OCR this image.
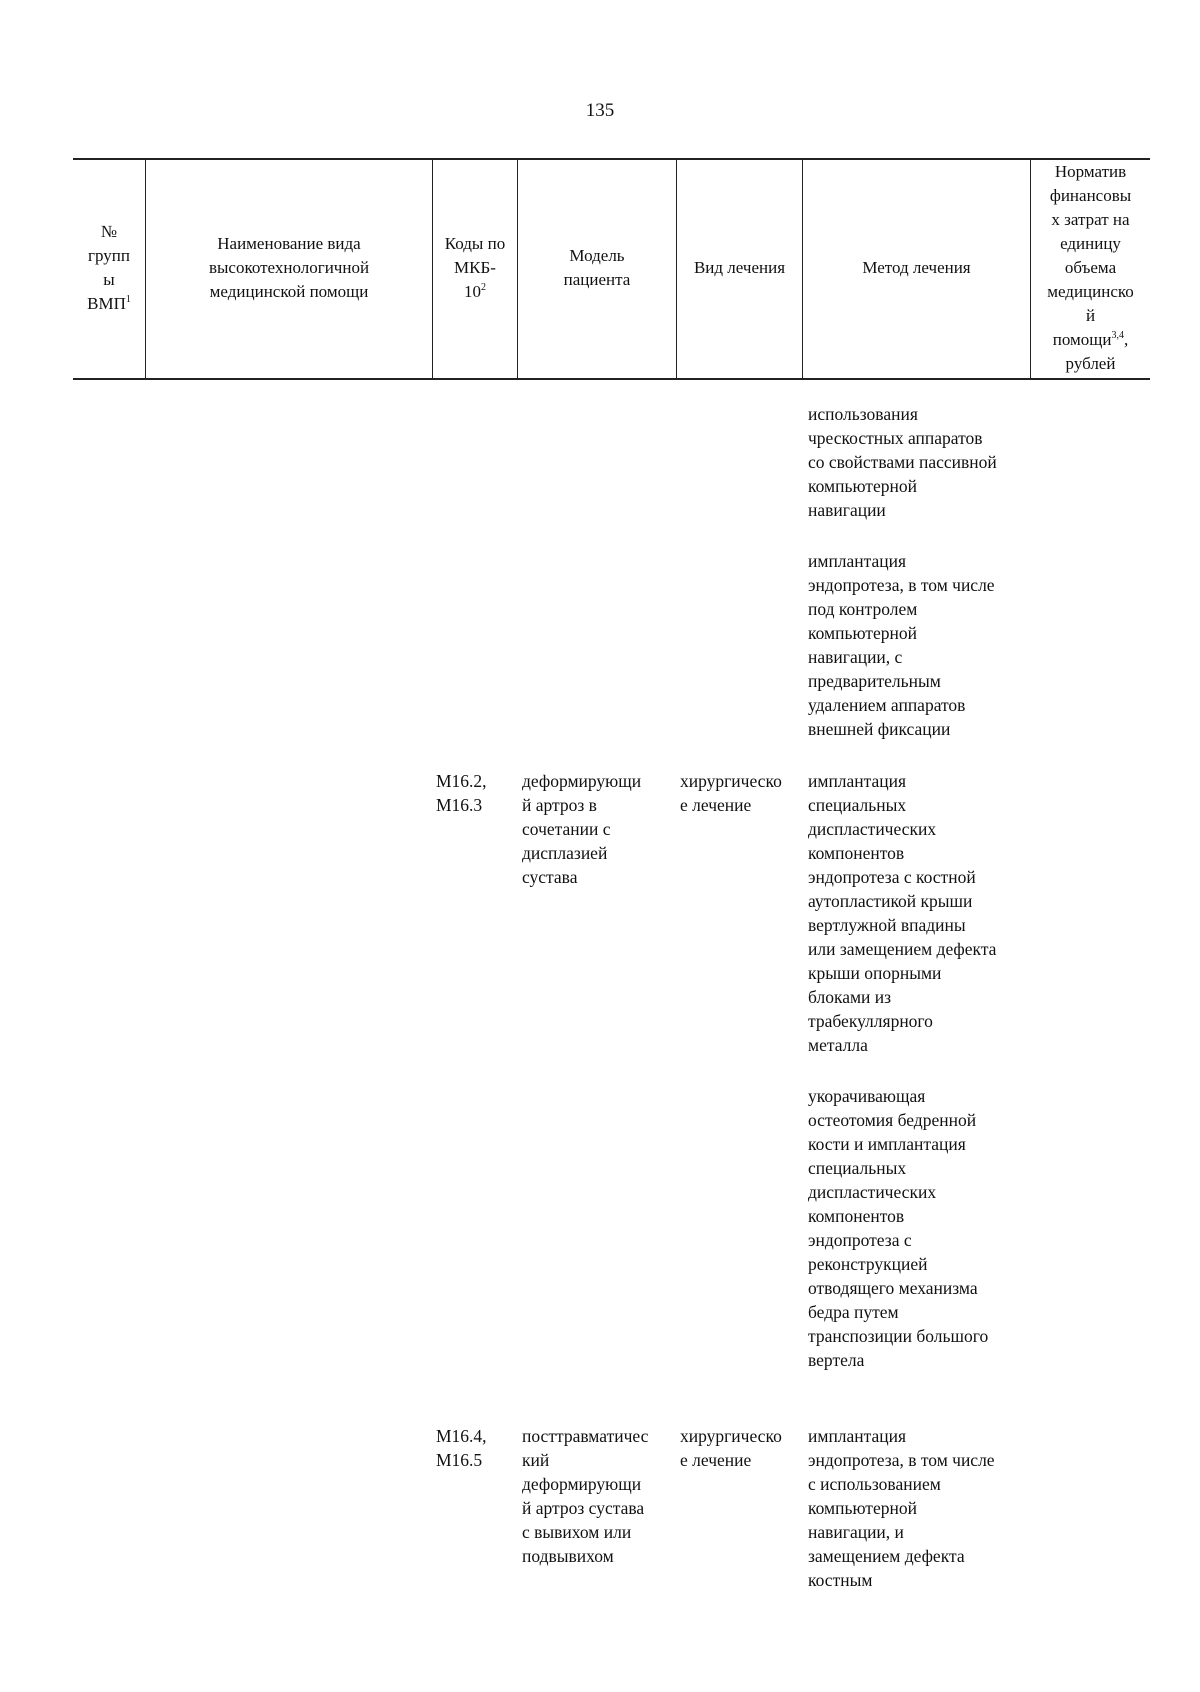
135
№
групп
ы
ВМП$^1$
Наименование вида
высокотехнологичной
медицинской помощи
Коды по
МКБ-
$10^2$
Модель
пациента
Вид лечения	Метод лечения
Норматив
финансовы
х затрат на
единицу
объема
медицинско
й
помощи$^{3,4}$,
рублей
использования
чрескостных аппаратов
со свойствами пассивной
компьютерной
навигации
имплантация
эндопротеза, в том числе
под контролем
компьютерной
навигации, с
предварительным
удалением аппаратов
внешней фиксации
М16.2,
М16.3
деформирующи
й артроз в
сочетании с
дисплазией
сустава
хирургическо
е лечение
имплантация
специальных
диспластических
компонентов
эндопротеза с костной
аутопластикой крыши
вертлужной впадины
или замещением дефекта
крыши опорными
блоками из
трабекуллярного
металла
укорачивающая
остеотомия бедренной
кости и имплантация
специальных
диспластических
компонентов
эндопротеза с
реконструкцией
отводящего механизма
бедра путем
транспозиции большого
вертела
М16.4,
М16.5
посттравматичес
кий
деформирующи
й артроз сустава
с вывихом или
подвывихом
хирургическо
е лечение
имплантация
эндопротеза, в том числе
с использованием
компьютерной
навигации, и
замещением дефекта
костным
